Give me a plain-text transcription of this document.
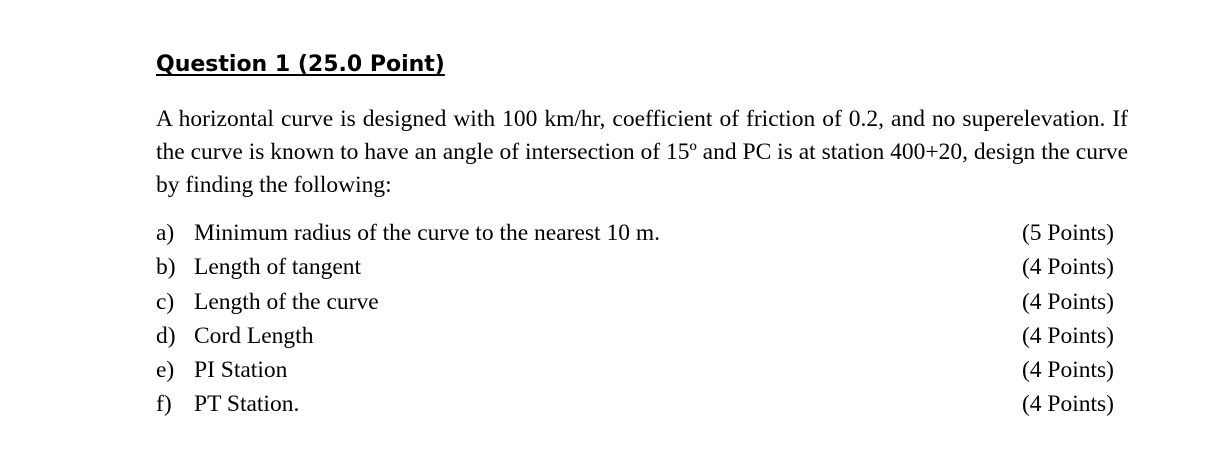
Question 1 (25.0 Point)
A horizontal curve is designed with 100 km/hr, coefficient of friction of 0.2, and no superelevation. If the curve is known to have an angle of intersection of 15º and PC is at station 400+20, design the curve by finding the following:
a) Minimum radius of the curve to the nearest 10 m.	(5 Points)
b) Length of tangent	(4 Points)
c) Length of the curve	(4 Points)
d) Cord Length	(4 Points)
e) PI Station	(4 Points)
f) PT Station.	(4 Points)
